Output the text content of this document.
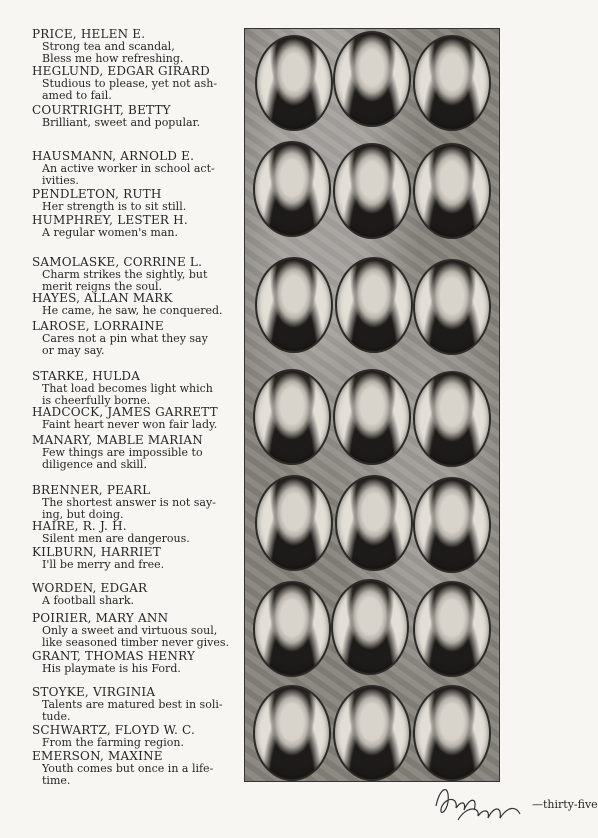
PRICE, HELEN E.
Strong tea and scandal,
Bless me how refreshing.
HEGLUND, EDGAR GIRARD
Studious to please, yet not ash-
amed to fail.
COURTRIGHT, BETTY
Brilliant, sweet and popular.
HAUSMANN, ARNOLD E.
An active worker in school act-
ivities.
PENDLETON, RUTH
Her strength is to sit still.
HUMPHREY, LESTER H.
A regular women's man.
SAMOLASKE, CORRINE L.
Charm strikes the sightly, but
merit reigns the soul.
HAYES, ALLAN MARK
He came, he saw, he conquered.
LAROSE, LORRAINE
Cares not a pin what they say
or may say.
STARKE, HULDA
That load becomes light which
is cheerfully borne.
HADCOCK, JAMES GARRETT
Faint heart never won fair lady.
MANARY, MABLE MARIAN
Few things are impossible to
diligence and skill.
BRENNER, PEARL
The shortest answer is not say-
ing, but doing.
HAIRE, R. J. H.
Silent men are dangerous.
KILBURN, HARRIET
I'll be merry and free.
WORDEN, EDGAR
A football shark.
POIRIER, MARY ANN
Only a sweet and virtuous soul,
like seasoned timber never gives.
GRANT, THOMAS HENRY
His playmate is his Ford.
STOYKE, VIRGINIA
Talents are matured best in soli-
tude.
SCHWARTZ, FLOYD W. C.
From the farming region.
EMERSON, MAXINE
Youth comes but once in a life-
time.
—thirty-five
